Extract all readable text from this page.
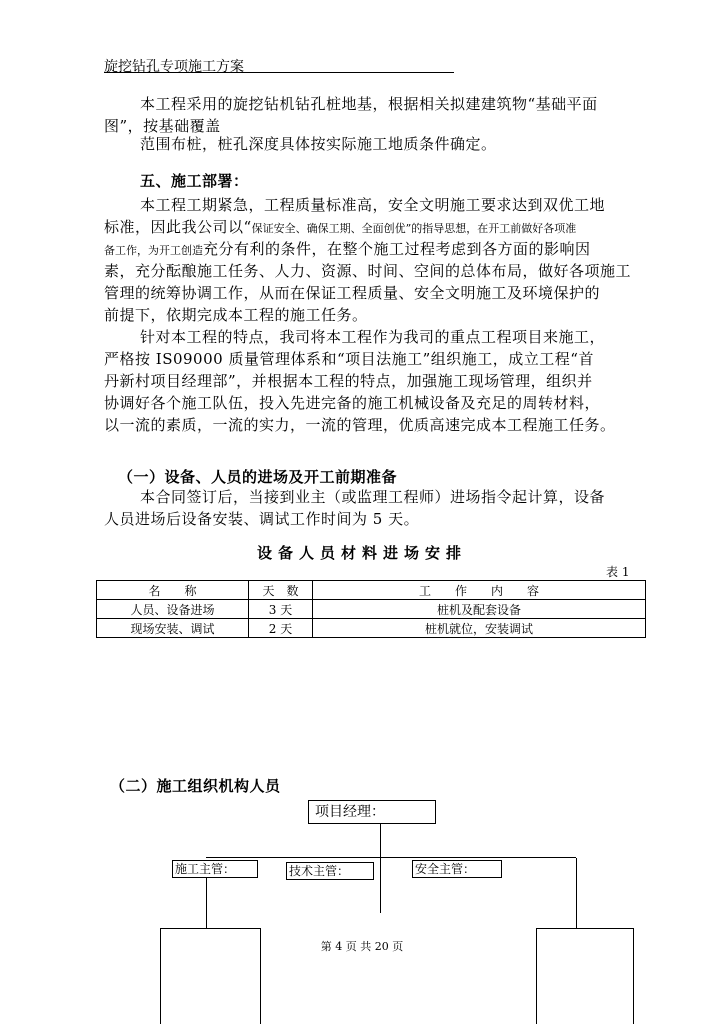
旋挖钻孔专项施工方案
本工程采用的旋挖钻机钻孔桩地基，根据相关拟建建筑物“基础平面
图”，按基础覆盖
范围布桩，桩孔深度具体按实际施工地质条件确定。
五、施工部署：
本工程工期紧急，工程质量标准高，安全文明施工要求达到双优工地
标准，因此我公司以“保证安全、确保工期、全面创优”的指导思想，在开工前做好各项准
备工作，为开工创造充分有利的条件，在整个施工过程考虑到各方面的影响因
素，充分酝酿施工任务、人力、资源、时间、空间的总体布局，做好各项施工
管理的统筹协调工作，从而在保证工程质量、安全文明施工及环境保护的
前提下，依期完成本工程的施工任务。
针对本工程的特点，我司将本工程作为我司的重点工程项目来施工，
严格按 IS09000 质量管理体系和“项目法施工”组织施工，成立工程“首
丹新村项目经理部”，并根据本工程的特点，加强施工现场管理，组织并
协调好各个施工队伍，投入先进完备的施工机械设备及充足的周转材料，
以一流的素质，一流的实力，一流的管理，优质高速完成本工程施工任务。
（一）设备、人员的进场及开工前期准备
本合同签订后，当接到业主（或监理工程师）进场指令起计算，设备
人员进场后设备安装、调试工作时间为 5 天。
设备人员材料进场安排
表 1
名　　称	天　数	工　　作　　内　　容
人员、设备进场	3 天	桩机及配套设备
现场安装、调试	2 天	桩机就位，安装调试
（二）施工组织机构人员
项目经理：
施工主管：	技术主管：	安全主管：
第 4 页 共 20 页
